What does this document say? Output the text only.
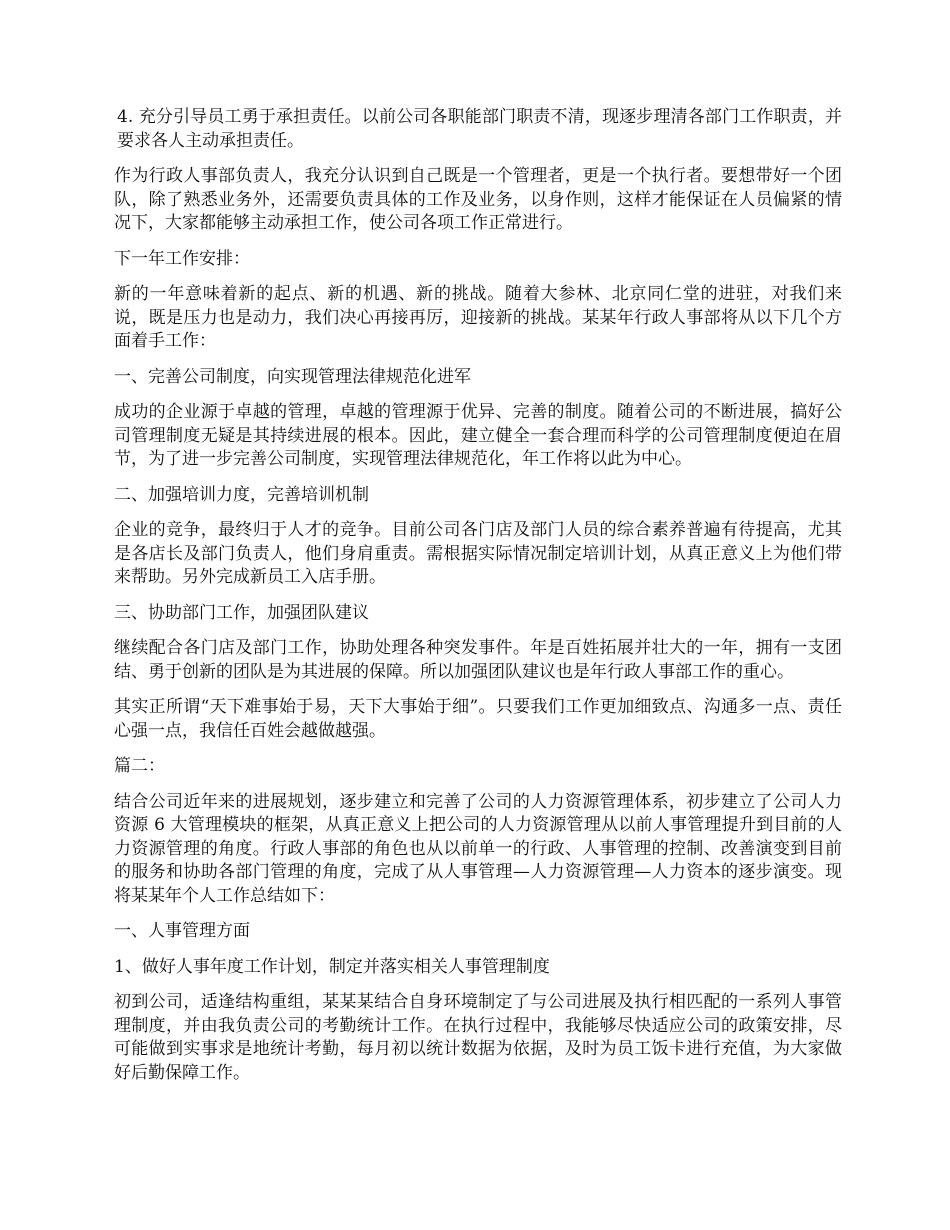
4. 充分引导员工勇于承担责任。以前公司各职能部门职责不清，现逐步理清各部门工作职责，并要求各人主动承担责任。

作为行政人事部负责人，我充分认识到自己既是一个管理者，更是一个执行者。要想带好一个团队，除了熟悉业务外，还需要负责具体的工作及业务，以身作则，这样才能保证在人员偏紧的情况下，大家都能够主动承担工作，使公司各项工作正常进行。

下一年工作安排：

新的一年意味着新的起点、新的机遇、新的挑战。随着大参林、北京同仁堂的进驻，对我们来说，既是压力也是动力，我们决心再接再厉，迎接新的挑战。某某年行政人事部将从以下几个方面着手工作：

一、完善公司制度，向实现管理法律规范化进军

成功的企业源于卓越的管理，卓越的管理源于优异、完善的制度。随着公司的不断进展，搞好公司管理制度无疑是其持续进展的根本。因此，建立健全一套合理而科学的公司管理制度便迫在眉节，为了进一步完善公司制度，实现管理法律规范化，年工作将以此为中心。

二、加强培训力度，完善培训机制

企业的竞争，最终归于人才的竞争。目前公司各门店及部门人员的综合素养普遍有待提高，尤其是各店长及部门负责人，他们身肩重责。需根据实际情况制定培训计划，从真正意义上为他们带来帮助。另外完成新员工入店手册。

三、协助部门工作，加强团队建议

继续配合各门店及部门工作，协助处理各种突发事件。年是百姓拓展并壮大的一年，拥有一支团结、勇于创新的团队是为其进展的保障。所以加强团队建议也是年行政人事部工作的重心。

其实正所谓“天下难事始于易，天下大事始于细”。只要我们工作更加细致点、沟通多一点、责任心强一点，我信任百姓会越做越强。

篇二：

结合公司近年来的进展规划，逐步建立和完善了公司的人力资源管理体系，初步建立了公司人力资源 6 大管理模块的框架，从真正意义上把公司的人力资源管理从以前人事管理提升到目前的人力资源管理的角度。行政人事部的角色也从以前单一的行政、人事管理的控制、改善演变到目前的服务和协助各部门管理的角度，完成了从人事管理—人力资源管理—人力资本的逐步演变。现将某某年个人工作总结如下：

一、人事管理方面

1、做好人事年度工作计划，制定并落实相关人事管理制度

初到公司，适逢结构重组，某某某结合自身环境制定了与公司进展及执行相匹配的一系列人事管理制度，并由我负责公司的考勤统计工作。在执行过程中，我能够尽快适应公司的政策安排，尽可能做到实事求是地统计考勤，每月初以统计数据为依据，及时为员工饭卡进行充值，为大家做好后勤保障工作。
